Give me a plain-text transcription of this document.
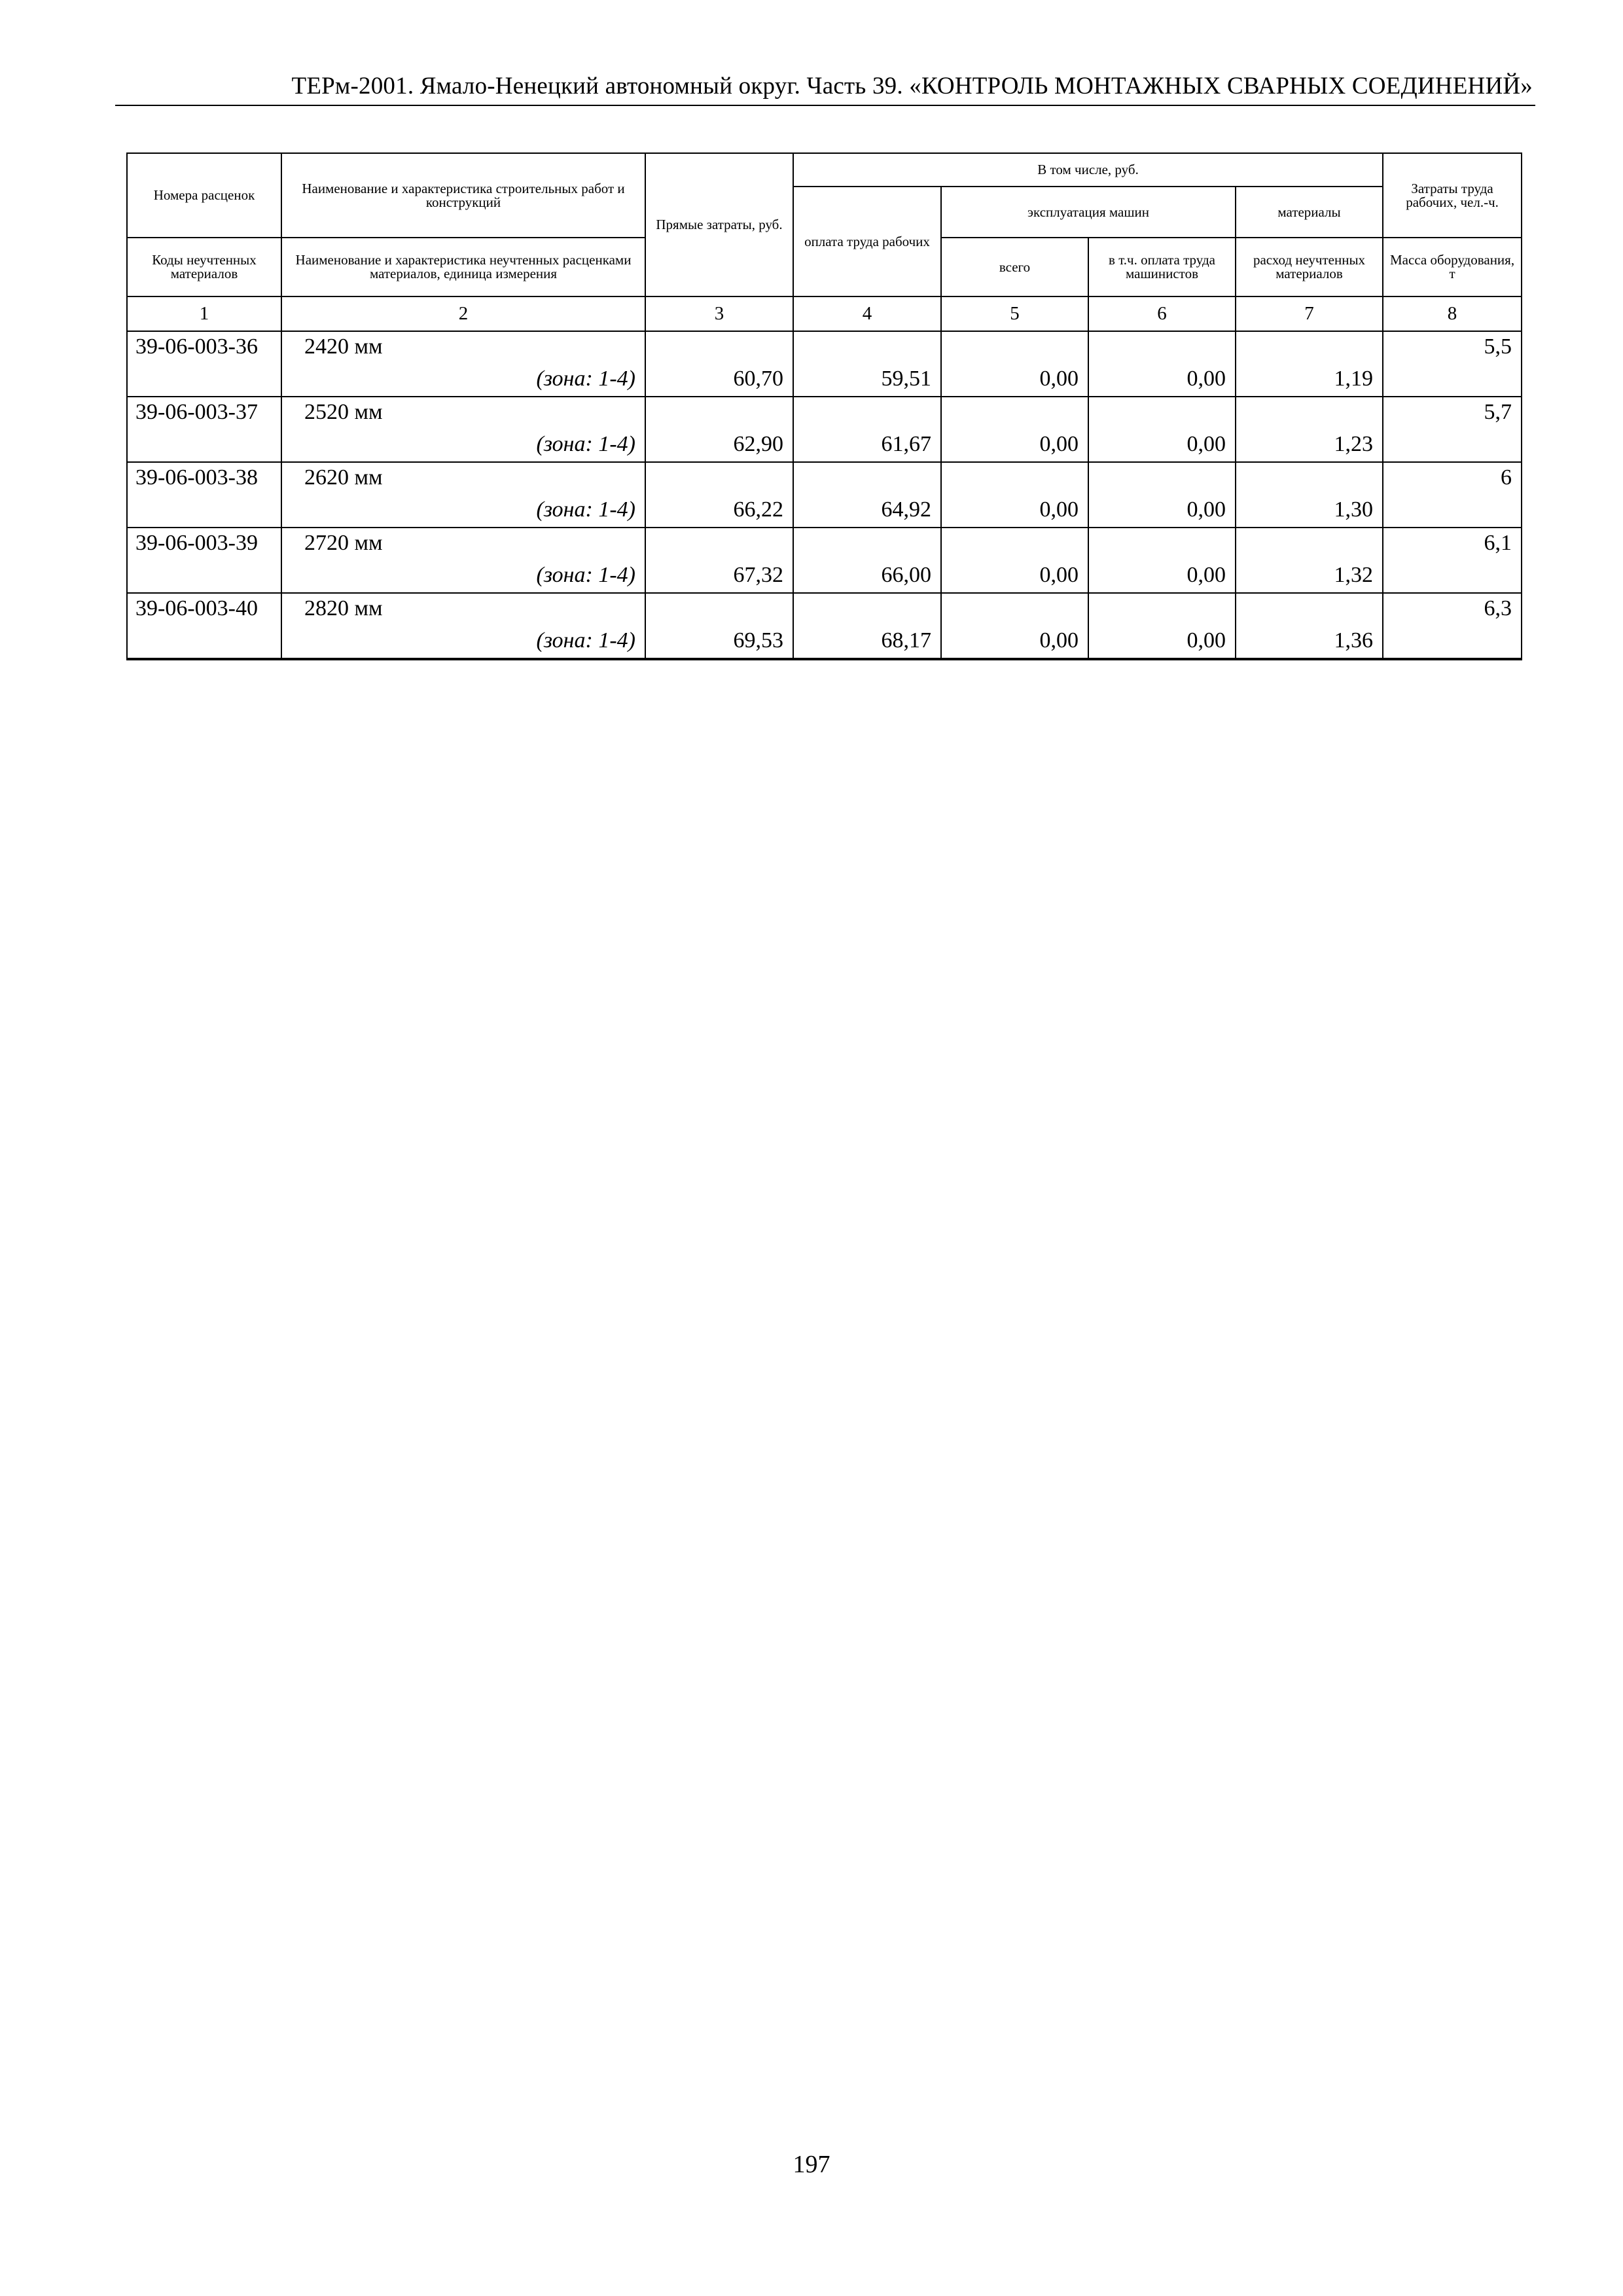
ТЕРм-2001. Ямало-Ненецкий автономный округ. Часть 39. «КОНТРОЛЬ МОНТАЖНЫХ СВАРНЫХ СОЕДИНЕНИЙ»
Номера расценок	Наименование и характеристика строительных работ и конструкций	Прямые затраты, руб.	В том числе, руб.				Затраты труда рабочих, чел.-ч.
			оплата труда рабочих	эксплуатация машин		материалы	
Коды неучтенных материалов	Наименование и характеристика неучтенных расценками материалов, единица измерения			всего	в т.ч. оплата труда машинистов	расход неучтенных материалов	Масса оборудования, т
1	2	3	4	5	6	7	8
39-06-003-36	2420 мм						5,5
	(зона: 1-4)	60,70	59,51	0,00	0,00	1,19	
39-06-003-37	2520 мм						5,7
	(зона: 1-4)	62,90	61,67	0,00	0,00	1,23	
39-06-003-38	2620 мм						6
	(зона: 1-4)	66,22	64,92	0,00	0,00	1,30	
39-06-003-39	2720 мм						6,1
	(зона: 1-4)	67,32	66,00	0,00	0,00	1,32	
39-06-003-40	2820 мм						6,3
	(зона: 1-4)	69,53	68,17	0,00	0,00	1,36	
197
